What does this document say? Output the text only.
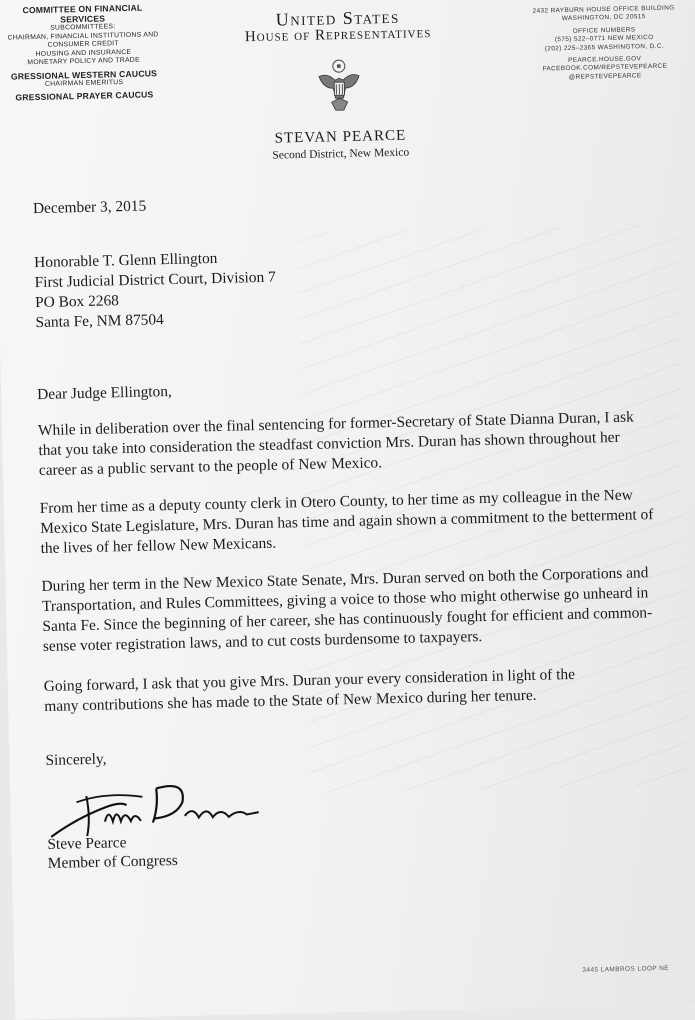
COMMITTEE ON FINANCIAL SERVICES
SUBCOMMITTEES:
CHAIRMAN, FINANCIAL INSTITUTIONS AND CONSUMER CREDIT
HOUSING AND INSURANCE
MONETARY POLICY AND TRADE
GRESSIONAL WESTERN CAUCUS
CHAIRMAN EMERITUS
GRESSIONAL PRAYER CAUCUS
United States
House of Representatives
STEVAN PEARCE
Second District, New Mexico
2432 RAYBURN HOUSE OFFICE BUILDING
WASHINGTON, DC 20515
OFFICE NUMBERS
(575) 522–0771 NEW MEXICO
(202) 225–2365 WASHINGTON, D.C.
PEARCE.HOUSE.GOV
FACEBOOK.COM/REPSTEVEPEARCE
@REPSTEVEPEARCE

December 3, 2015

Honorable T. Glenn Ellington

First Judicial District Court, Division 7

PO Box 2268

Santa Fe, NM 87504

Dear Judge Ellington,

While in deliberation over the final sentencing for former-Secretary of State Dianna Duran, I ask that you take into consideration the steadfast conviction Mrs. Duran has shown throughout her career as a public servant to the people of New Mexico.

From her time as a deputy county clerk in Otero County, to her time as my colleague in the New Mexico State Legislature, Mrs. Duran has time and again shown a commitment to the betterment of the lives of her fellow New Mexicans.

During her term in the New Mexico State Senate, Mrs. Duran served on both the Corporations and Transportation, and Rules Committees, giving a voice to those who might otherwise go unheard in Santa Fe. Since the beginning of her career, she has continuously fought for efficient and common-sense voter registration laws, and to cut costs burdensome to taxpayers.

Going forward, I ask that you give Mrs. Duran your every consideration in light of the many contributions she has made to the State of New Mexico during her tenure.

Sincerely,

Steve Pearce

Member of Congress

3445 LAMBROS LOOP NE
